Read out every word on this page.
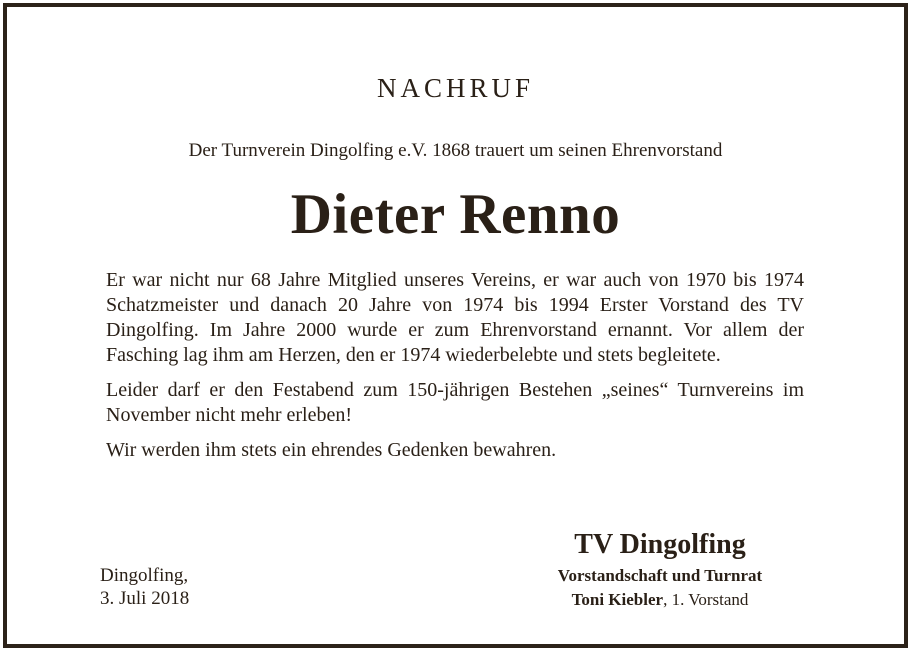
NACHRUF
Der Turnverein Dingolfing e.V. 1868 trauert um seinen Ehrenvorstand
Dieter Renno

Er war nicht nur 68 Jahre Mitglied unseres Vereins, er war auch von 1970 bis 1974 Schatzmeister und danach 20 Jahre von 1974 bis 1994 Erster Vorstand des TV Dingolfing. Im Jahre 2000 wurde er zum Ehrenvorstand ernannt. Vor allem der Fasching lag ihm am Herzen, den er 1974 wiederbelebte und stets begleitete.

Leider darf er den Festabend zum 150-jährigen Bestehen „seines“ Turnvereins im November nicht mehr erleben!

Wir werden ihm stets ein ehrendes Gedenken bewahren.

Dingolfing,
3. Juli 2018
TV Dingolfing
Vorstandschaft und Turnrat
Toni Kiebler, 1. Vorstand
